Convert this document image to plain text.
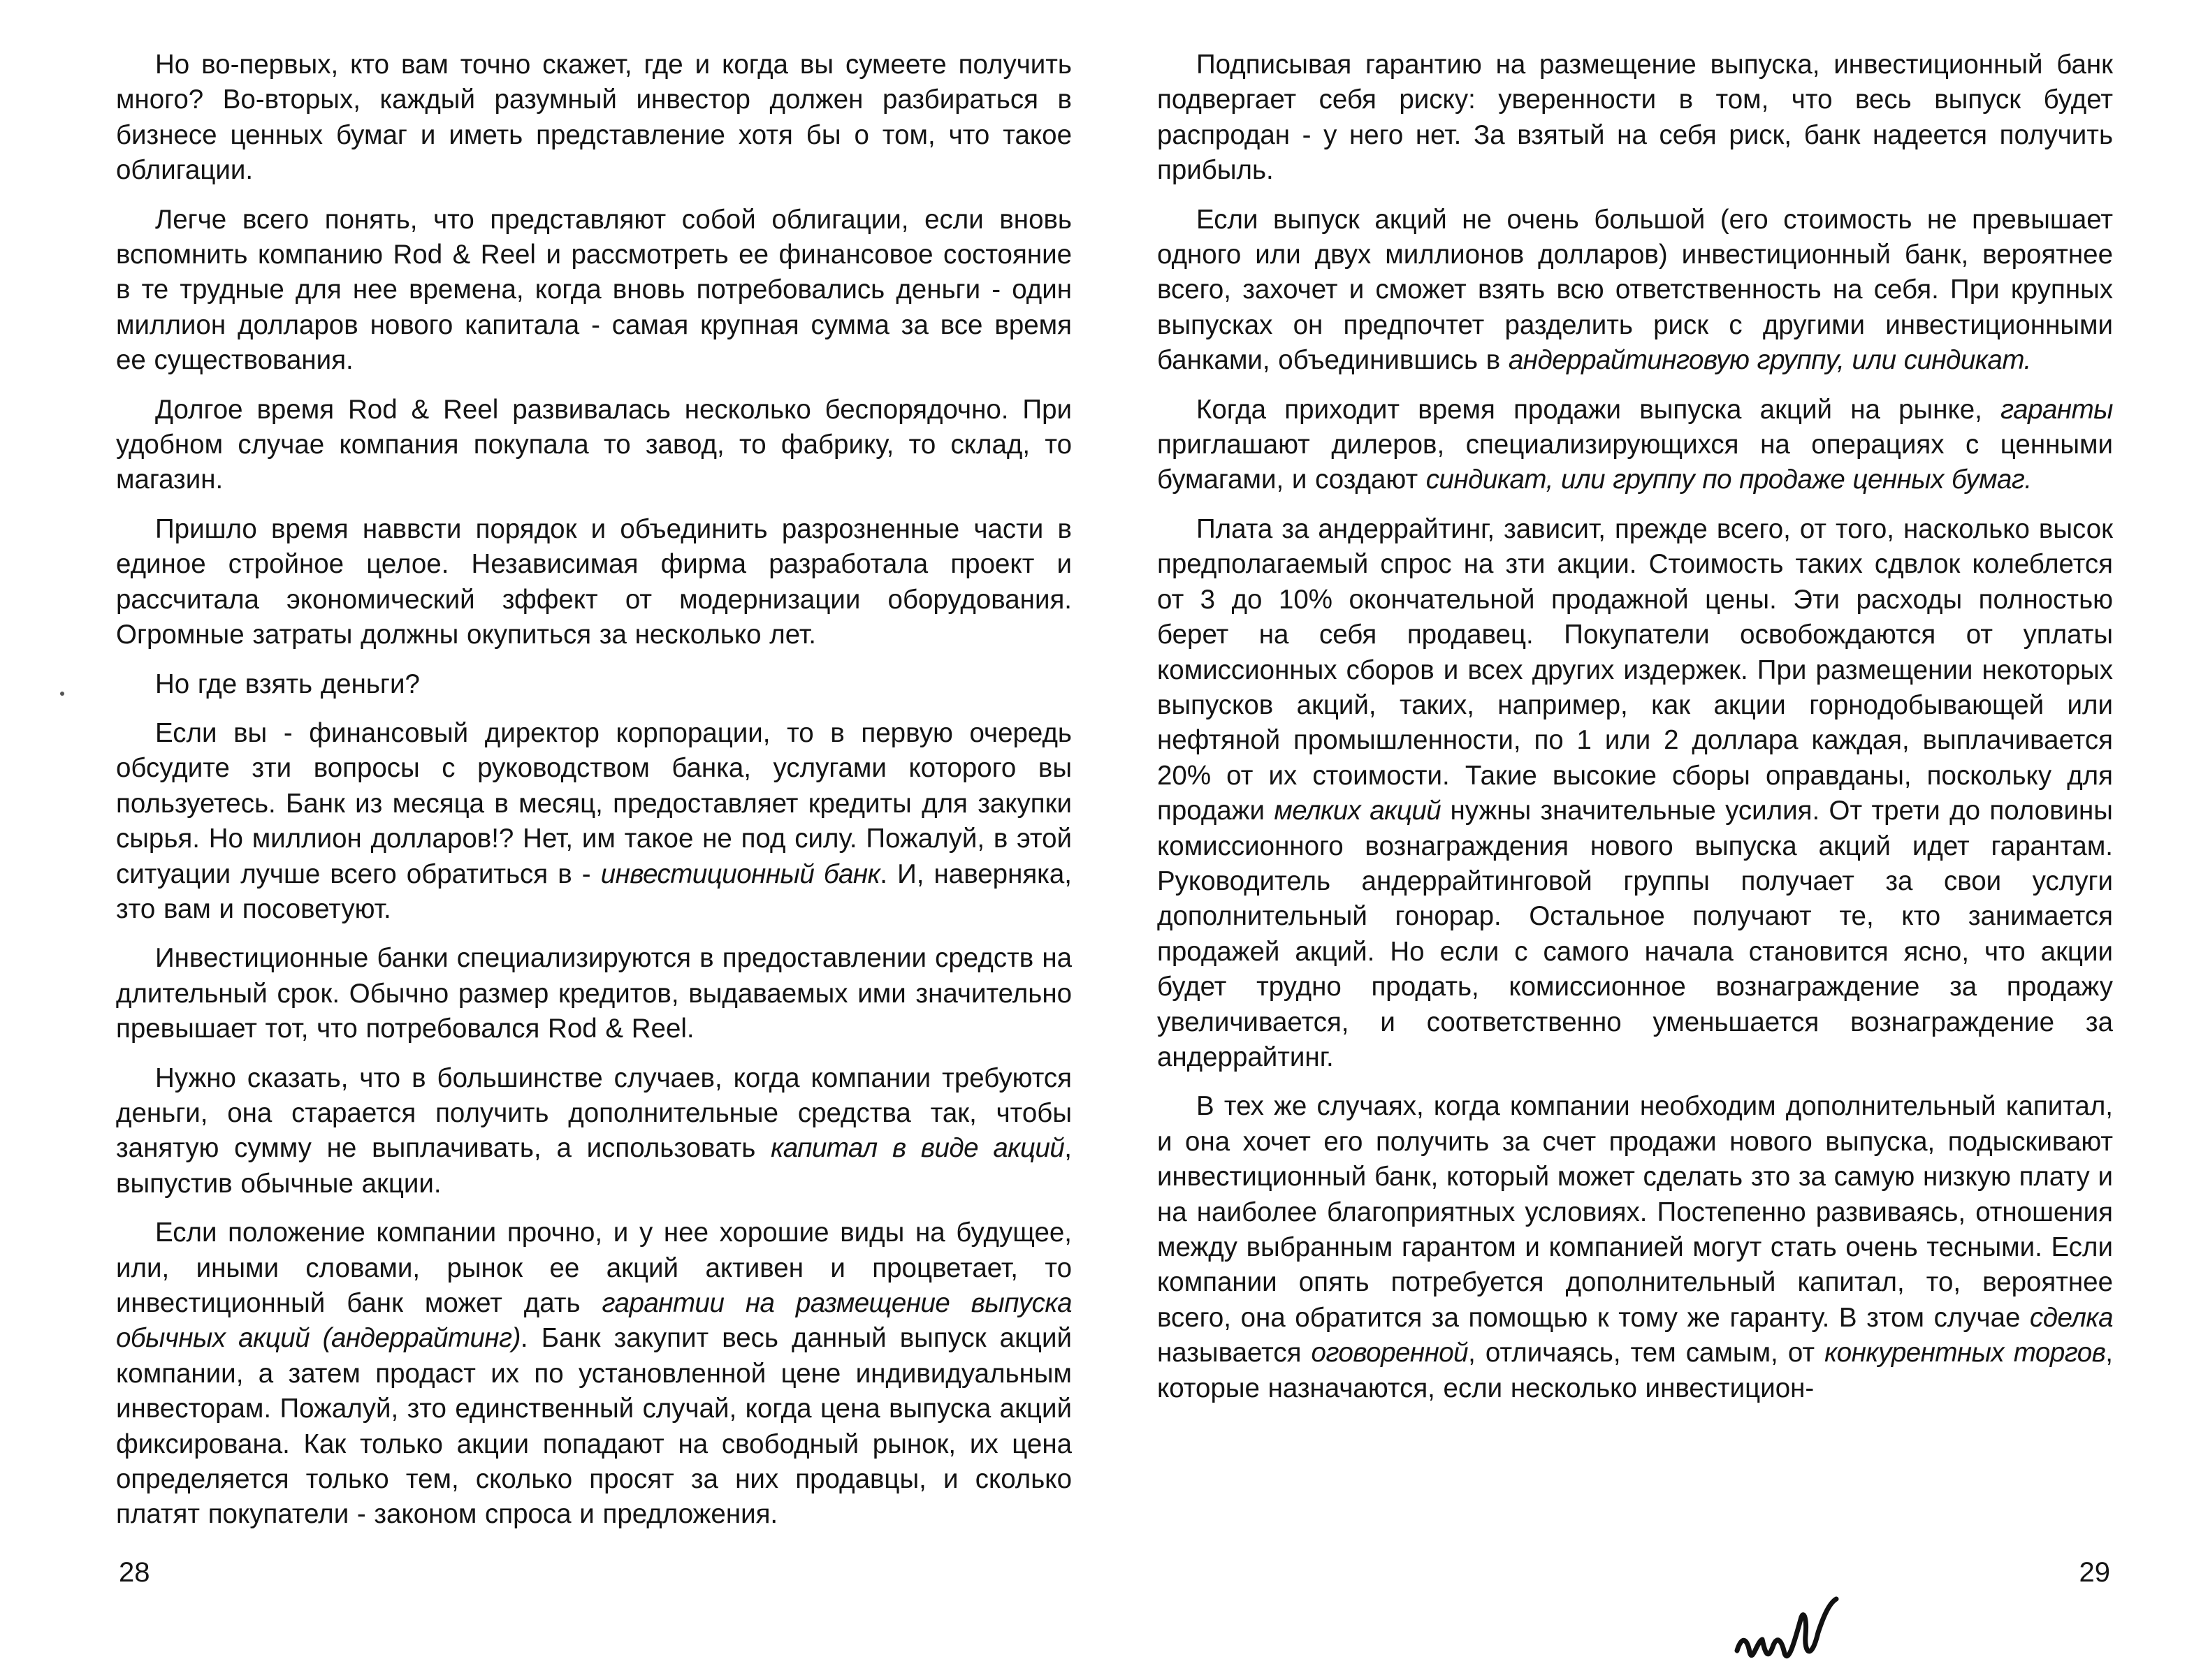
Но во-первых, кто вам точно скажет, где и когда вы сумеете получить много? Во-вторых, каждый разумный инвестор должен разбираться в бизнесе ценных бумаг и иметь представление хотя бы о том, что такое облигации.

Легче всего понять, что представляют собой облигации, если вновь вспомнить компанию Rod & Reel и рассмотреть ее финансовое состояние в те трудные для нее времена, когда вновь потребовались деньги - один миллион долларов нового капитала - самая крупная сумма за все время ее существования.

Долгое время Rod & Reel развивалась несколько беспорядочно. При удобном случае компания покупала то завод, то фабрику, то склад, то магазин.

Пришло время наввсти порядок и объединить разрозненные части в единое стройное целое. Независимая фирма разработала проект и рассчитала экономический зффект от модернизации оборудования. Огромные затраты должны окупиться за несколько лет.

Но где взять деньги?

Если вы - финансовый директор корпорации, то в первую очередь обсудите зти вопросы с руководством банка, услугами которого вы пользуетесь. Банк из месяца в месяц, предоставляет кредиты для закупки сырья. Но миллион долларов!? Нет, им такое не под силу. Пожалуй, в этой ситуации лучше всего обратиться в - инвестиционный банк. И, наверняка, зто вам и посоветуют.

Инвестиционные банки специализируются в предоставлении средств на длительный срок. Обычно размер кредитов, выдаваемых ими значительно превышает тот, что потребовался Rod & Reel.

Нужно сказать, что в большинстве случаев, когда компании требуются деньги, она старается получить дополнительные средства так, чтобы занятую сумму не выплачивать, а использовать капитал в виде акций, выпустив обычные акции.

Если положение компании прочно, и у нее хорошие виды на будущее, или, иными словами, рынок ее акций активен и процветает, то инвестиционный банк может дать гарантии на размещение выпуска обычных акций (андеррайтинг). Банк закупит весь данный выпуск акций компании, а затем продаст их по установленной цене индивидуальным инвесторам. Пожалуй, зто единственный случай, когда цена выпуска акций фиксирована. Как только акции попадают на свободный рынок, их цена определяется только тем, сколько просят за них продавцы, и сколько платят покупатели - законом спроса и предложения.

28

Подписывая гарантию на размещение выпуска, инвестиционный банк подвергает себя риску: уверенности в том, что весь выпуск будет распродан - у него нет. За взятый на себя риск, банк надеется получить прибыль.

Если выпуск акций не очень большой (его стоимость не превышает одного или двух миллионов долларов) инвестиционный банк, вероятнее всего, захочет и сможет взять всю ответственность на себя. При крупных выпусках он предпочтет разделить риск с другими инвестиционными банками, объединившись в андеррайтинговую группу, или синдикат.

Когда приходит время продажи выпуска акций на рынке, гаранты приглашают дилеров, специализирующихся на операциях с ценными бумагами, и создают синдикат, или группу по продаже ценных бумаг.

Плата за андеррайтинг, зависит, прежде всего, от того, насколько высок предполагаемый спрос на зти акции. Стоимость таких сдвлок колеблется от 3 до 10% окончательной продажной цены. Эти расходы полностью берет на себя продавец. Покупатели освобождаются от уплаты комиссионных сборов и всех других издержек. При размещении некоторых выпусков акций, таких, например, как акции горнодобывающей или нефтяной промышленности, по 1 или 2 доллара каждая, выплачивается 20% от их стоимости. Такие высокие сборы оправданы, поскольку для продажи мелких акций нужны значительные усилия. От трети до половины комиссионного вознаграждения нового выпуска акций идет гарантам. Руководитель андеррайтинговой группы получает за свои услуги дополнительный гонорар. Остальное получают те, кто занимается продажей акций. Но если с самого начала становится ясно, что акции будет трудно продать, комиссионное вознаграждение за продажу увеличивается, и соответственно уменьшается вознаграждение за андеррайтинг.

В тех же случаях, когда компании необходим дополнительный капитал, и она хочет его получить за счет продажи нового выпуска, подыскивают инвестиционный банк, который может сделать зто за самую низкую плату и на наиболее благоприятных условиях. Постепенно развиваясь, отношения между выбранным гарантом и компанией могут стать очень тесными. Если компании опять потребуется дополнительный капитал, то, вероятнее всего, она обратится за помощью к тому же гаранту. В зтом случае сделка называется оговоренной, отличаясь, тем самым, от конкурентных торгов, которые назначаются, если несколько инвестицион-

29
